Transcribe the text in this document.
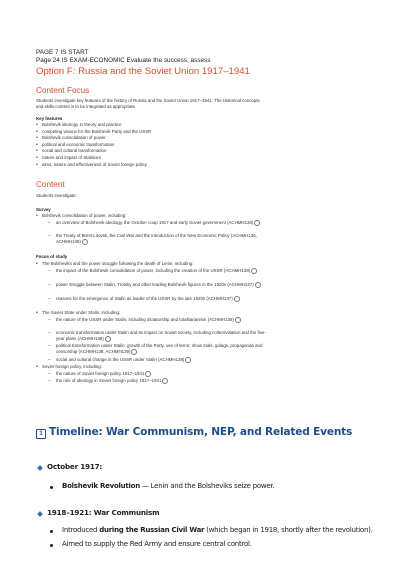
PAGE 7 IS START
Page 24 IS EXAM-ECONOMIC Evaluate the success, assess
Option F: Russia and the Soviet Union 1917–1941
Content Focus
Students investigate key features of the history of Russia and the Soviet Union 1917–1941. The Historical concepts and skills content is to be integrated as appropriate.
Key features
• Bolshevik ideology in theory and practice
• competing visions for the Bolshevik Party and the USSR
• Bolshevik consolidation of power
• political and economic transformation
• social and cultural transformation
• nature and impact of Stalinism
• aims, nature and effectiveness of Soviet foreign policy
Content
Students investigate:
Survey
• Bolshevik consolidation of power, including:
– an overview of Bolshevik ideology, the October coup 1917 and early Soviet government (ACHMH136)
– the Treaty of Brest-Litovsk, the Civil War and the introduction of the New Economic Policy (ACHMH136, ACHMH138)
Focus of study
• The Bolsheviks and the power struggle following the death of Lenin, including:
– the impact of the Bolshevik consolidation of power, including the creation of the USSR (ACHMH138)
– power struggle between Stalin, Trotsky and other leading Bolshevik figures in the 1920s (ACHMH137)
– reasons for the emergence of Stalin as leader of the USSR by the late 1920s (ACHMH137)
• The Soviet State under Stalin, including:
– the nature of the USSR under Stalin, including dictatorship and totalitarianism (ACHMH138)
– economic transformation under Stalin and its impact on Soviet society, including collectivisation and the five-year plans (ACHMH138)
– political transformation under Stalin: growth of the Party, use of terror, show trials, gulags, propaganda and censorship (ACHMH138, ACHMH139)
– social and cultural change in the USSR under Stalin (ACHMH138)
• Soviet foreign policy, including:
– the nature of Soviet foreign policy 1917–1941
– the role of ideology in Soviet foreign policy 1917–1941
1 Timeline: War Communism, NEP, and Related Events
October 1917:
Bolshevik Revolution — Lenin and the Bolsheviks seize power.
1918–1921: War Communism
Introduced during the Russian Civil War (which began in 1918, shortly after the revolution).
Aimed to supply the Red Army and ensure central control.
